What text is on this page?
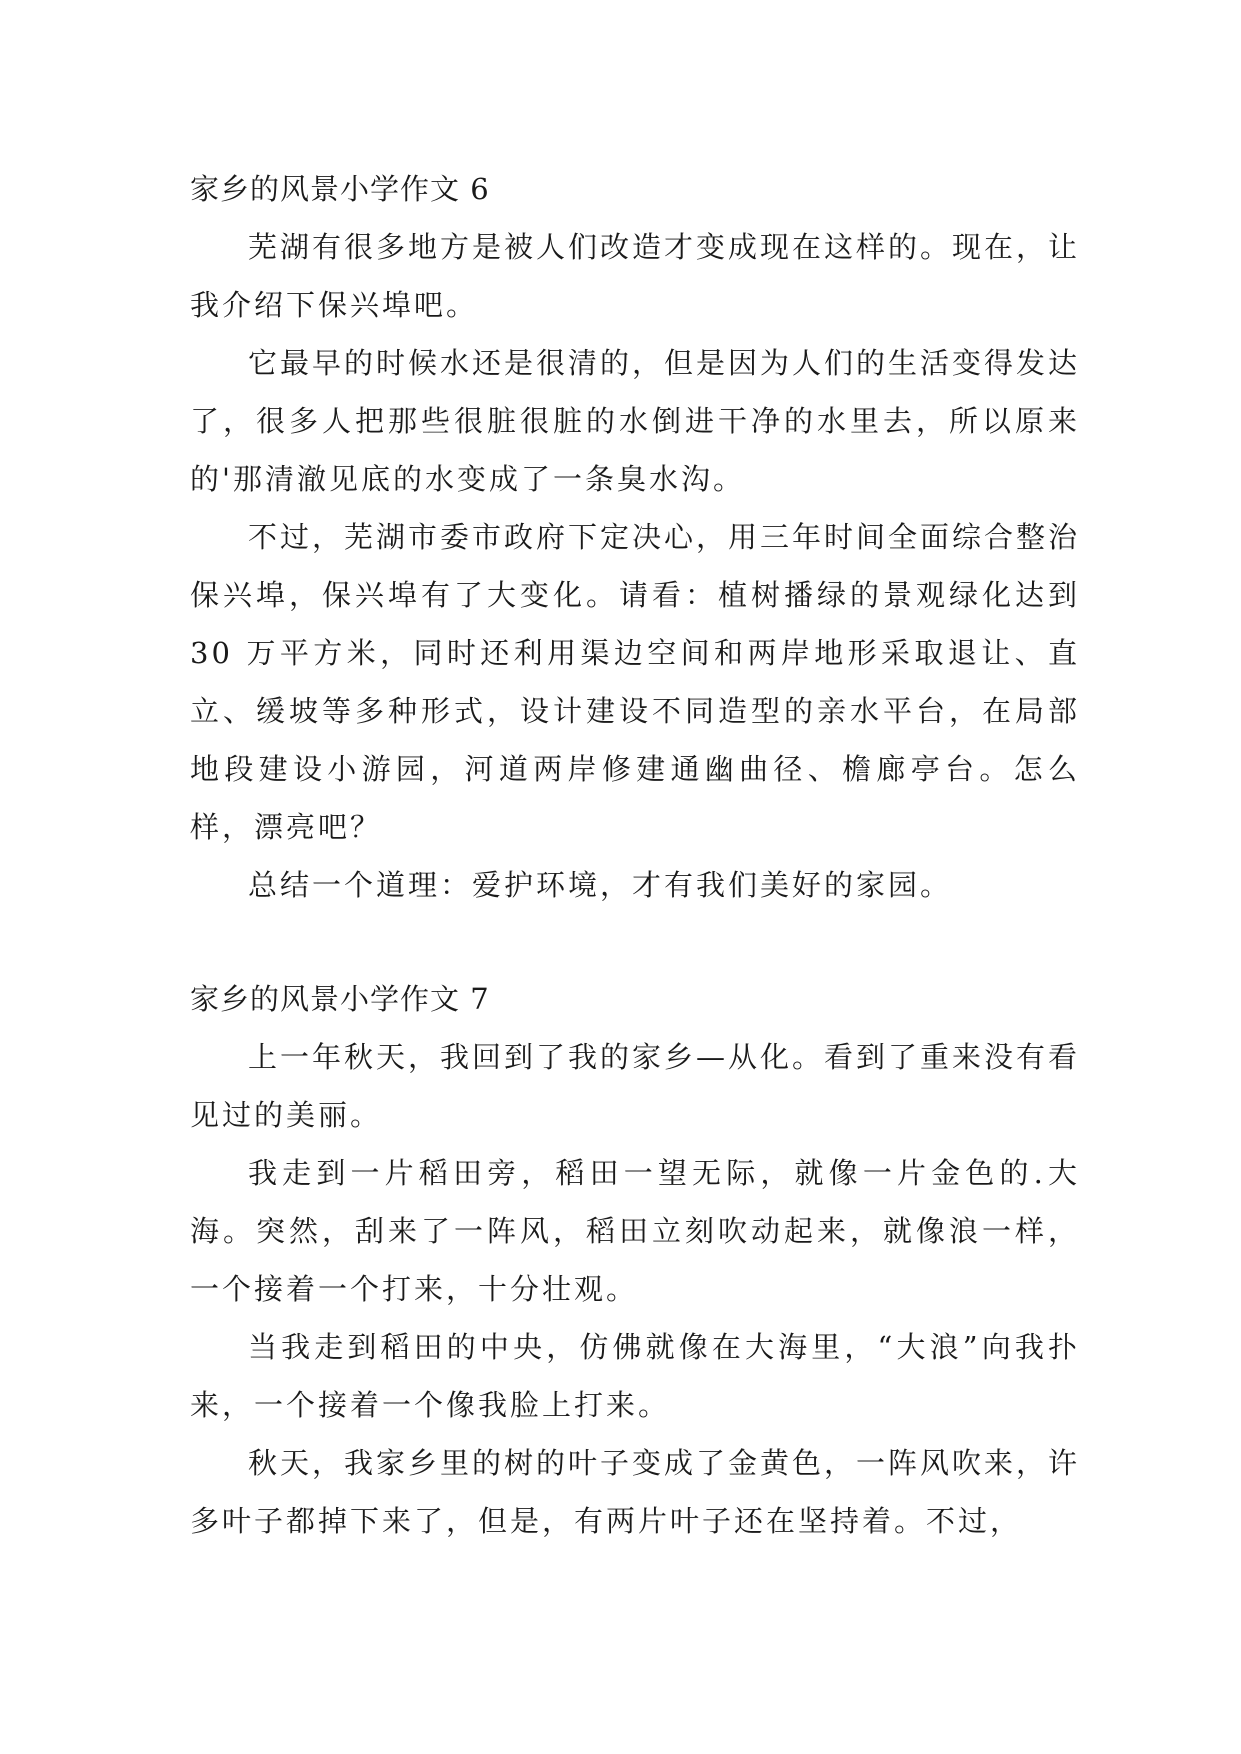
家乡的风景小学作文 6

芜湖有很多地方是被人们改造才变成现在这样的。现在，让我介绍下保兴埠吧。

它最早的时候水还是很清的，但是因为人们的生活变得发达了，很多人把那些很脏很脏的水倒进干净的水里去，所以原来的'那清澈见底的水变成了一条臭水沟。

不过，芜湖市委市政府下定决心，用三年时间全面综合整治保兴埠，保兴埠有了大变化。请看：植树播绿的景观绿化达到 30 万平方米，同时还利用渠边空间和两岸地形采取退让、直立、缓坡等多种形式，设计建设不同造型的亲水平台，在局部地段建设小游园，河道两岸修建通幽曲径、檐廊亭台。怎么样，漂亮吧？

总结一个道理：爱护环境，才有我们美好的家园。

家乡的风景小学作文 7

上一年秋天，我回到了我的家乡—从化。看到了重来没有看见过的美丽。

我走到一片稻田旁，稻田一望无际，就像一片金色的.大海。突然，刮来了一阵风，稻田立刻吹动起来，就像浪一样，一个接着一个打来，十分壮观。

当我走到稻田的中央，仿佛就像在大海里，“大浪”向我扑来，一个接着一个像我脸上打来。

秋天，我家乡里的树的叶子变成了金黄色，一阵风吹来，许多叶子都掉下来了，但是，有两片叶子还在坚持着。不过，
